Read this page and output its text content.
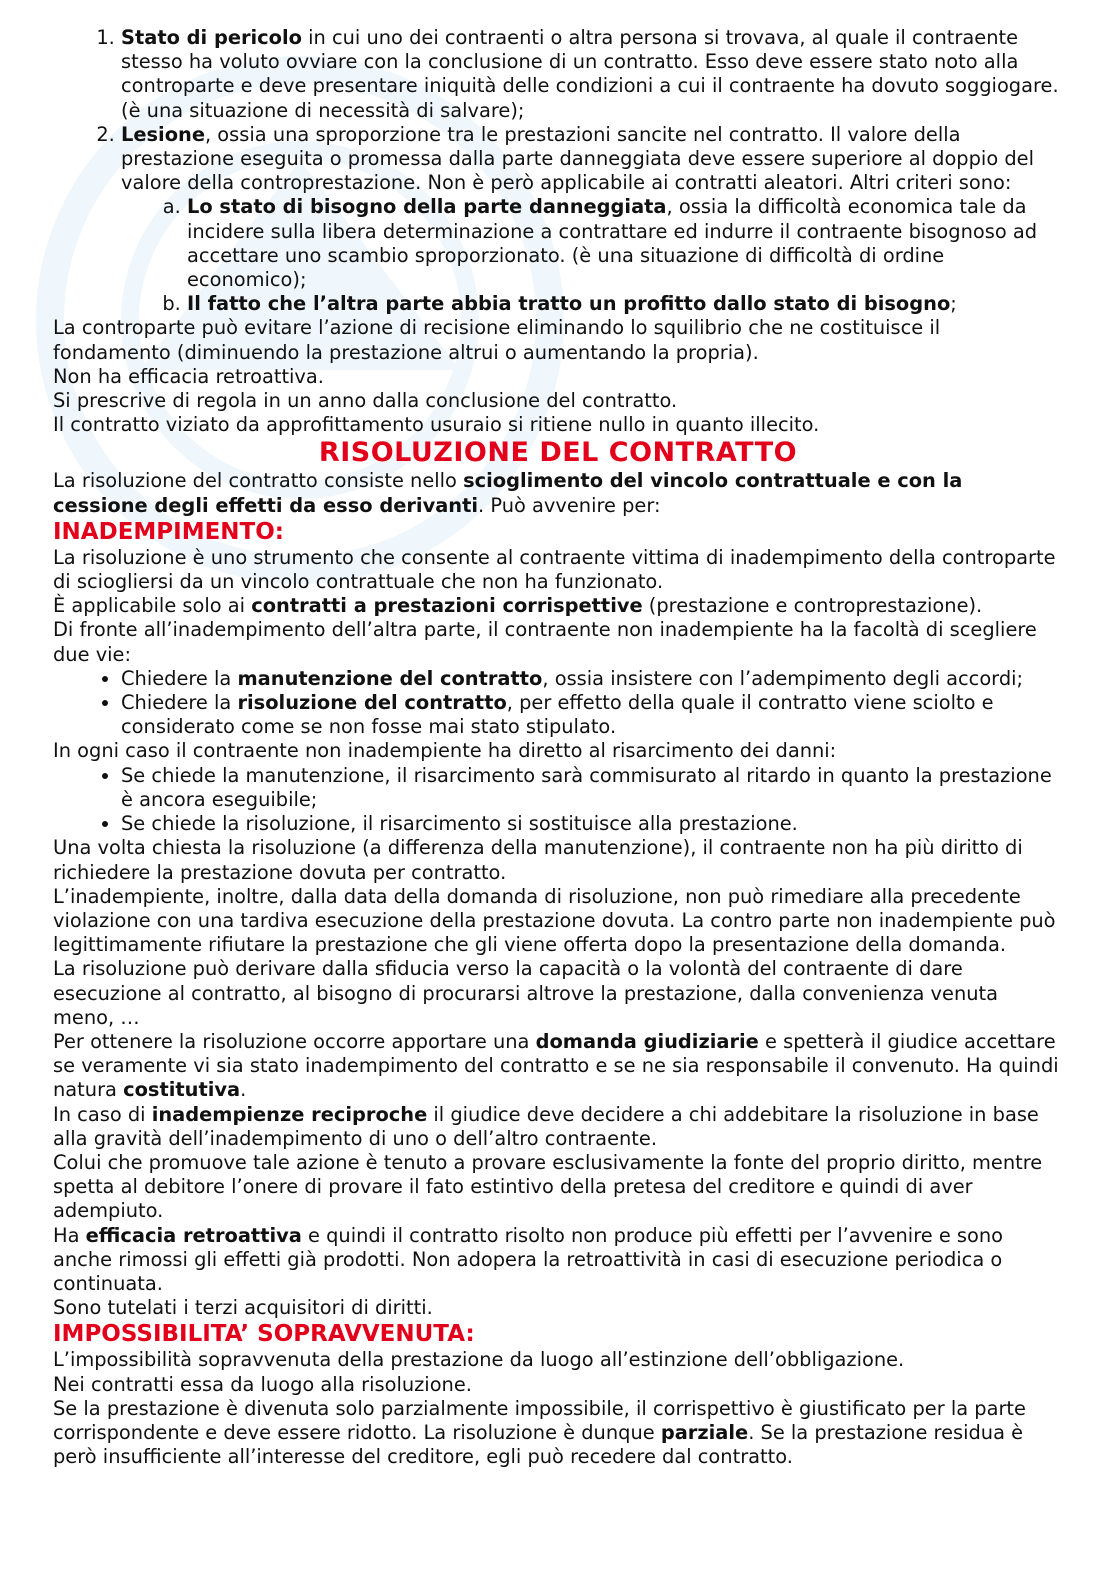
1. Stato di pericolo in cui uno dei contraenti o altra persona si trovava, al quale il contraente stesso ha voluto ovviare con la conclusione di un contratto. Esso deve essere stato noto alla controparte e deve presentare iniquità delle condizioni a cui il contraente ha dovuto soggiogare. (è una situazione di necessità di salvare);
2. Lesione, ossia una sproporzione tra le prestazioni sancite nel contratto. Il valore della prestazione eseguita o promessa dalla parte danneggiata deve essere superiore al doppio del valore della controprestazione. Non è però applicabile ai contratti aleatori. Altri criteri sono:
a. Lo stato di bisogno della parte danneggiata, ossia la difficoltà economica tale da incidere sulla libera determinazione a contrattare ed indurre il contraente bisognoso ad accettare uno scambio sproporzionato. (è una situazione di difficoltà di ordine economico);
b. Il fatto che l’altra parte abbia tratto un profitto dallo stato di bisogno;

La controparte può evitare l’azione di recisione eliminando lo squilibrio che ne costituisce il fondamento (diminuendo la prestazione altrui o aumentando la propria).

Non ha efficacia retroattiva.

Si prescrive di regola in un anno dalla conclusione del contratto.

Il contratto viziato da approfittamento usuraio si ritiene nullo in quanto illecito.

RISOLUZIONE DEL CONTRATTO

La risoluzione del contratto consiste nello scioglimento del vincolo contrattuale e con la cessione degli effetti da esso derivanti. Può avvenire per:

INADEMPIMENTO:

La risoluzione è uno strumento che consente al contraente vittima di inadempimento della controparte di sciogliersi da un vincolo contrattuale che non ha funzionato.

È applicabile solo ai contratti a prestazioni corrispettive (prestazione e controprestazione).

Di fronte all’inadempimento dell’altra parte, il contraente non inadempiente ha la facoltà di scegliere due vie:

• Chiedere la manutenzione del contratto, ossia insistere con l’adempimento degli accordi;
• Chiedere la risoluzione del contratto, per effetto della quale il contratto viene sciolto e considerato come se non fosse mai stato stipulato.

In ogni caso il contraente non inadempiente ha diretto al risarcimento dei danni:

• Se chiede la manutenzione, il risarcimento sarà commisurato al ritardo in quanto la prestazione è ancora eseguibile;
• Se chiede la risoluzione, il risarcimento si sostituisce alla prestazione.

Una volta chiesta la risoluzione (a differenza della manutenzione), il contraente non ha più diritto di richiedere la prestazione dovuta per contratto.

L’inadempiente, inoltre, dalla data della domanda di risoluzione, non può rimediare alla precedente violazione con una tardiva esecuzione della prestazione dovuta. La contro parte non inadempiente può legittimamente rifiutare la prestazione che gli viene offerta dopo la presentazione della domanda.

La risoluzione può derivare dalla sfiducia verso la capacità o la volontà del contraente di dare esecuzione al contratto, al bisogno di procurarsi altrove la prestazione, dalla convenienza venuta meno, …

Per ottenere la risoluzione occorre apportare una domanda giudiziarie e spetterà il giudice accettare se veramente vi sia stato inadempimento del contratto e se ne sia responsabile il convenuto. Ha quindi natura costitutiva.

In caso di inadempienze reciproche il giudice deve decidere a chi addebitare la risoluzione in base alla gravità dell’inadempimento di uno o dell’altro contraente.

Colui che promuove tale azione è tenuto a provare esclusivamente la fonte del proprio diritto, mentre spetta al debitore l’onere di provare il fato estintivo della pretesa del creditore e quindi di aver adempiuto.

Ha efficacia retroattiva e quindi il contratto risolto non produce più effetti per l’avvenire e sono anche rimossi gli effetti già prodotti. Non adopera la retroattività in casi di esecuzione periodica o continuata.

Sono tutelati i terzi acquisitori di diritti.

IMPOSSIBILITA’ SOPRAVVENUTA:

L’impossibilità sopravvenuta della prestazione da luogo all’estinzione dell’obbligazione.

Nei contratti essa da luogo alla risoluzione.

Se la prestazione è divenuta solo parzialmente impossibile, il corrispettivo è giustificato per la parte corrispondente e deve essere ridotto. La risoluzione è dunque parziale. Se la prestazione residua è però insufficiente all’interesse del creditore, egli può recedere dal contratto.
